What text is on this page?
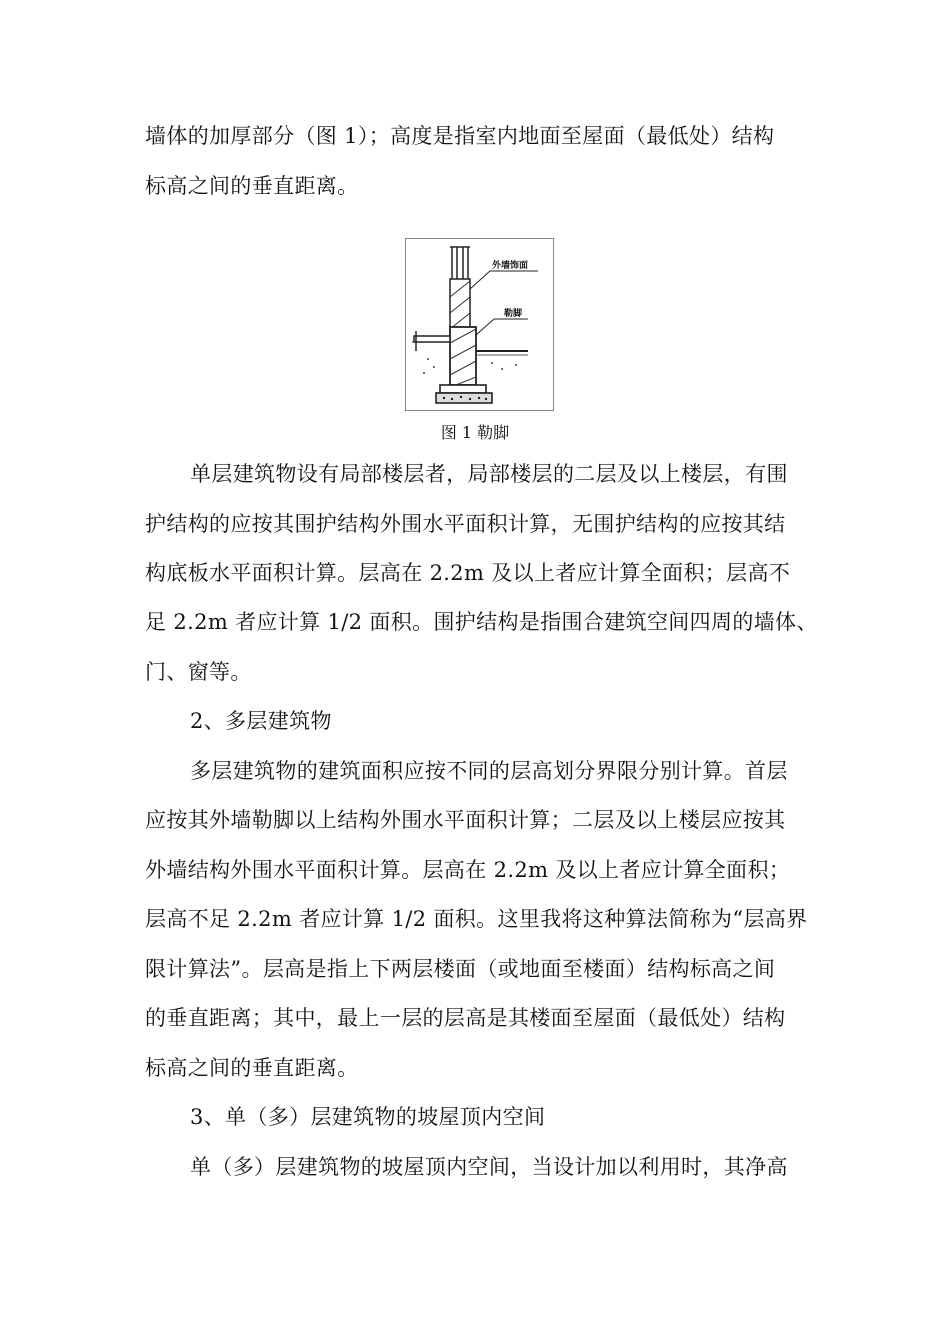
墙体的加厚部分（图 1）；高度是指室内地面至屋面（最低处）结构
标高之间的垂直距离。
外墙饰面
勒脚
图 1 勒脚
单层建筑物设有局部楼层者，局部楼层的二层及以上楼层，有围
护结构的应按其围护结构外围水平面积计算，无围护结构的应按其结
构底板水平面积计算。层高在 2.2m 及以上者应计算全面积；层高不
足 2.2m 者应计算 1/2 面积。围护结构是指围合建筑空间四周的墙体、
门、窗等。
2、多层建筑物
多层建筑物的建筑面积应按不同的层高划分界限分别计算。首层
应按其外墙勒脚以上结构外围水平面积计算；二层及以上楼层应按其
外墙结构外围水平面积计算。层高在 2.2m 及以上者应计算全面积；
层高不足 2.2m 者应计算 1/2 面积。这里我将这种算法简称为“层高界
限计算法”。层高是指上下两层楼面（或地面至楼面）结构标高之间
的垂直距离；其中，最上一层的层高是其楼面至屋面（最低处）结构
标高之间的垂直距离。
3、单（多）层建筑物的坡屋顶内空间
单（多）层建筑物的坡屋顶内空间，当设计加以利用时，其净高
